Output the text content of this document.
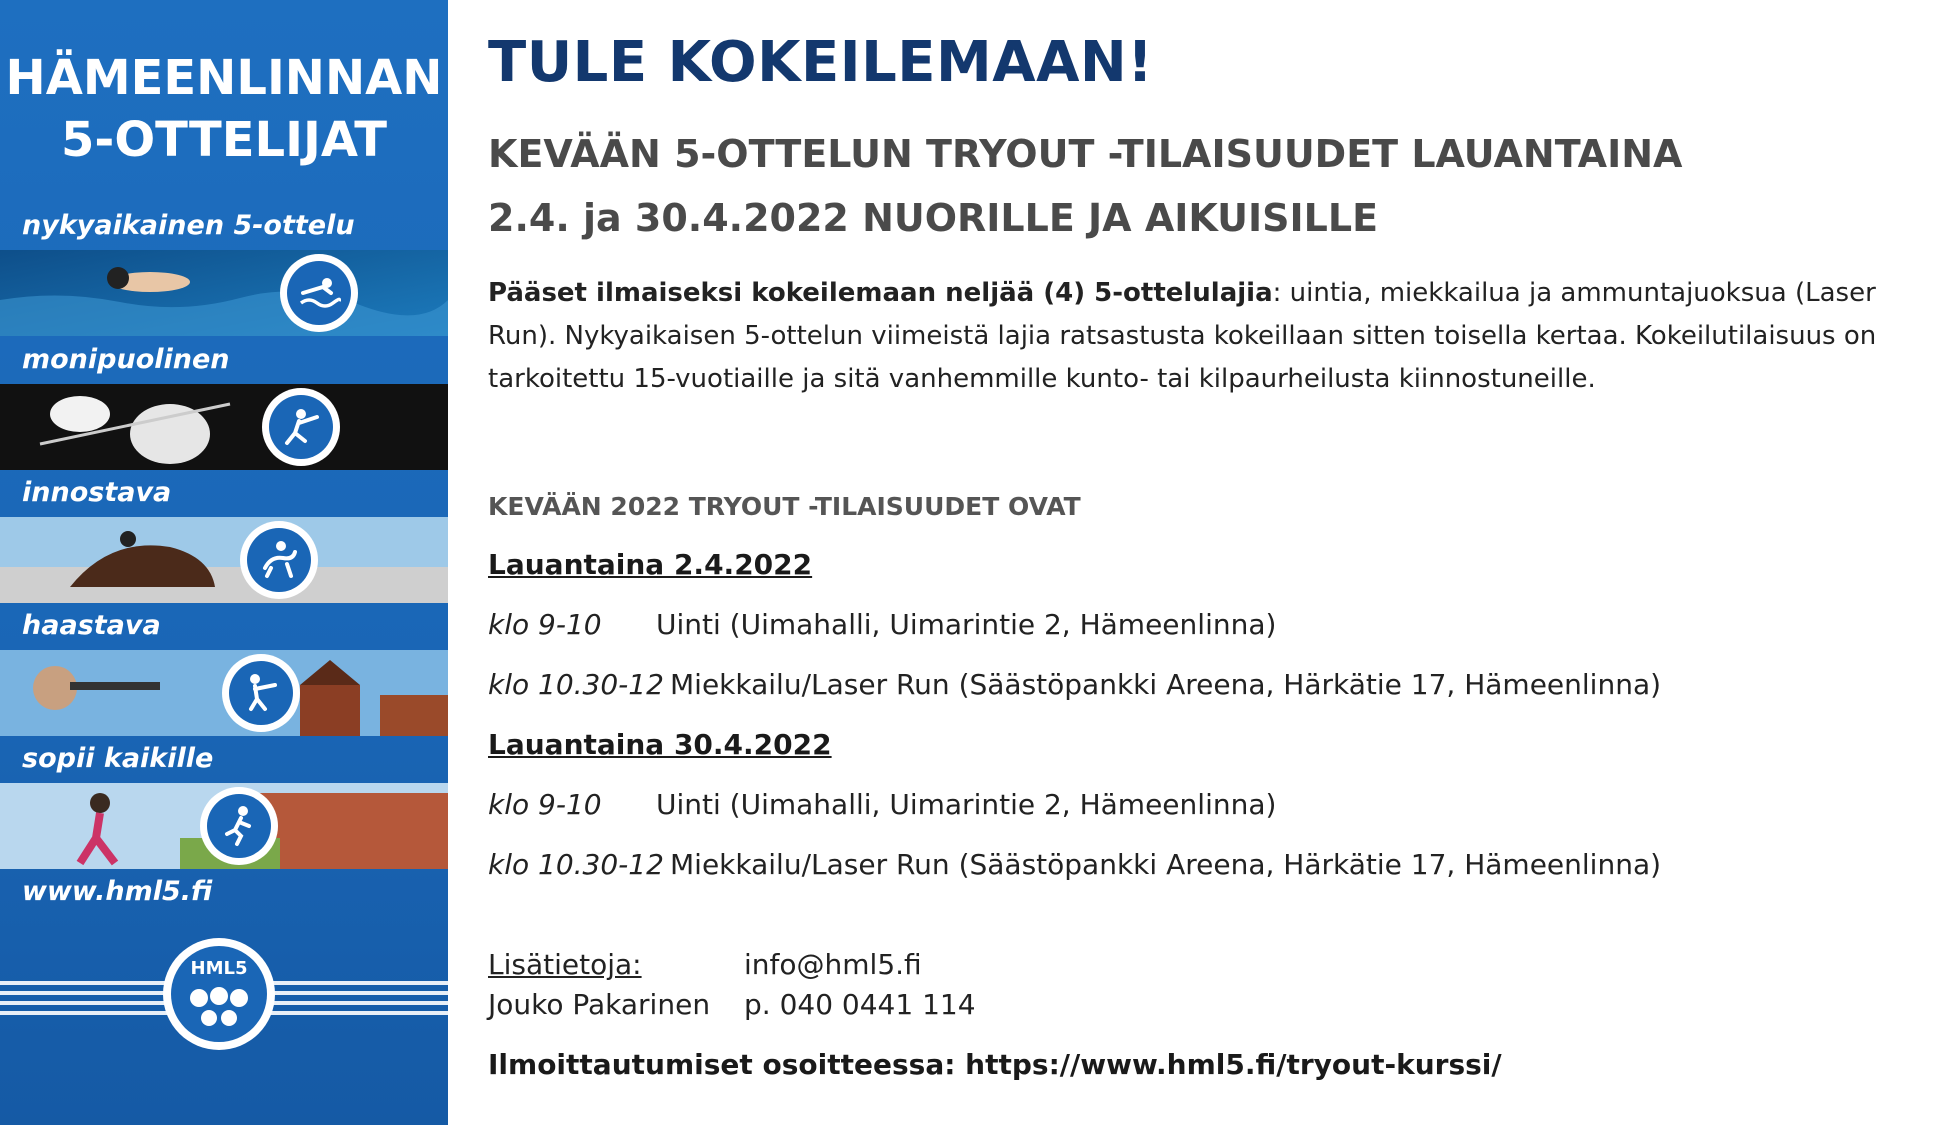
HÄMEENLINNAN
5-OTTELIJAT
nykyaikainen 5-ottelu
monipuolinen
innostava
haastava
sopii kaikille
www.hml5.fi
HML5
TULE KOKEILEMAAN!
KEVÄÄN 5-OTTELUN TRYOUT -TILAISUUDET LAUANTAINA
2.4. ja 30.4.2022 NUORILLE JA AIKUISILLE
Pääset ilmaiseksi kokeilemaan neljää (4) 5-ottelulajia: uintia, miekkailua ja ammuntajuoksua (Laser Run). Nykyaikaisen 5-ottelun viimeistä lajia ratsastusta kokeillaan sitten toisella kertaa. Kokeilutilaisuus on tarkoitettu 15-vuotiaille ja sitä vanhemmille kunto- tai kilpaurheilusta kiinnostuneille.
KEVÄÄN 2022 TRYOUT -TILAISUUDET OVAT
Lauantaina 2.4.2022
klo 9-10 Uinti (Uimahalli, Uimarintie 2, Hämeenlinna)
klo 10.30-12 Miekkailu/Laser Run (Säästöpankki Areena, Härkätie 17, Hämeenlinna)
Lauantaina 30.4.2022
klo 9-10 Uinti (Uimahalli, Uimarintie 2, Hämeenlinna)
klo 10.30-12 Miekkailu/Laser Run (Säästöpankki Areena, Härkätie 17, Hämeenlinna)
Lisätietoja:	info@hml5.fi
Jouko Pakarinen p. 040 0441 114
Ilmoittautumiset osoitteessa: https://www.hml5.fi/tryout-kurssi/
